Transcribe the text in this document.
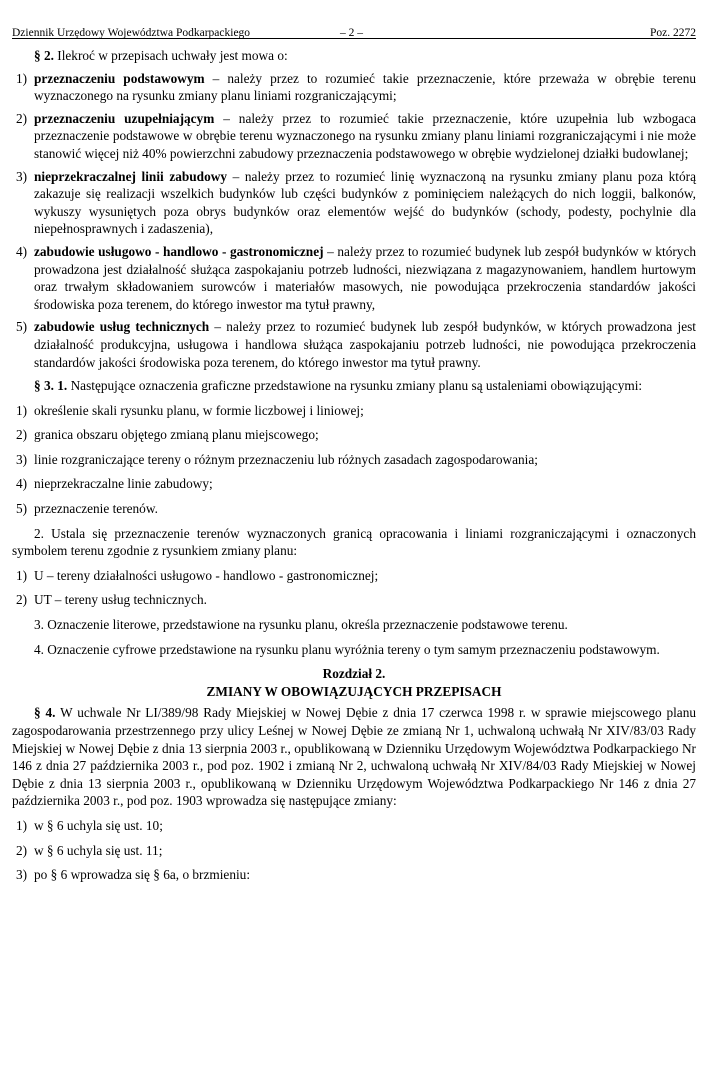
Dziennik Urzędowy Województwa Podkarpackiego	– 2 –	Poz. 2272

§ 2. Ilekroć w przepisach uchwały jest mowa o:

1) przeznaczeniu podstawowym – należy przez to rozumieć takie przeznaczenie, które przeważa w obrębie terenu wyznaczonego na rysunku zmiany planu liniami rozgraniczającymi;
2) przeznaczeniu uzupełniającym – należy przez to rozumieć takie przeznaczenie, które uzupełnia lub wzbogaca przeznaczenie podstawowe w obrębie terenu wyznaczonego na rysunku zmiany planu liniami rozgraniczającymi i nie może stanowić więcej niż 40% powierzchni zabudowy przeznaczenia podstawowego w obrębie wydzielonej działki budowlanej;
3) nieprzekraczalnej linii zabudowy – należy przez to rozumieć linię wyznaczoną na rysunku zmiany planu poza którą zakazuje się realizacji wszelkich budynków lub części budynków z pominięciem należących do nich loggii, balkonów, wykuszy wysuniętych poza obrys budynków oraz elementów wejść do budynków (schody, podesty, pochylnie dla niepełnosprawnych i zadaszenia),
4) zabudowie usługowo - handlowo - gastronomicznej – należy przez to rozumieć budynek lub zespół budynków w których prowadzona jest działalność służąca zaspokajaniu potrzeb ludności, niezwiązana z magazynowaniem, handlem hurtowym oraz trwałym składowaniem surowców i materiałów masowych, nie powodująca przekroczenia standardów jakości środowiska poza terenem, do którego inwestor ma tytuł prawny,
5) zabudowie usług technicznych – należy przez to rozumieć budynek lub zespół budynków, w których prowadzona jest działalność produkcyjna, usługowa i handlowa służąca zaspokajaniu potrzeb ludności, nie powodująca przekroczenia standardów jakości środowiska poza terenem, do którego inwestor ma tytuł prawny.

§ 3. 1. Następujące oznaczenia graficzne przedstawione na rysunku zmiany planu są ustaleniami obowiązującymi:

1) określenie skali rysunku planu, w formie liczbowej i liniowej;
2) granica obszaru objętego zmianą planu miejscowego;
3) linie rozgraniczające tereny o różnym przeznaczeniu lub różnych zasadach zagospodarowania;
4) nieprzekraczalne linie zabudowy;
5) przeznaczenie terenów.

2. Ustala się przeznaczenie terenów wyznaczonych granicą opracowania i liniami rozgraniczającymi i oznaczonych symbolem terenu zgodnie z rysunkiem zmiany planu:

1) U – tereny działalności usługowo - handlowo - gastronomicznej;
2) UT – tereny usług technicznych.

3. Oznaczenie literowe, przedstawione na rysunku planu, określa przeznaczenie podstawowe terenu.

4. Oznaczenie cyfrowe przedstawione na rysunku planu wyróżnia tereny o tym samym przeznaczeniu podstawowym.

Rozdział 2.

ZMIANY W OBOWIĄZUJĄCYCH PRZEPISACH

§ 4. W uchwale Nr LI/389/98 Rady Miejskiej w Nowej Dębie z dnia 17 czerwca 1998 r. w sprawie miejscowego planu zagospodarowania przestrzennego przy ulicy Leśnej w Nowej Dębie ze zmianą Nr 1, uchwaloną uchwałą Nr XIV/83/03 Rady Miejskiej w Nowej Dębie z dnia 13 sierpnia 2003 r., opublikowaną w Dzienniku Urzędowym Województwa Podkarpackiego Nr 146 z dnia 27 października 2003 r., pod poz. 1902 i zmianą Nr 2, uchwaloną uchwałą Nr XIV/84/03 Rady Miejskiej w Nowej Dębie z dnia 13 sierpnia 2003 r., opublikowaną w Dzienniku Urzędowym Województwa Podkarpackiego Nr 146 z dnia 27 października 2003 r., pod poz. 1903 wprowadza się następujące zmiany:

1) w § 6 uchyla się ust. 10;
2) w § 6 uchyla się ust. 11;
3) po § 6 wprowadza się § 6a, o brzmieniu:
